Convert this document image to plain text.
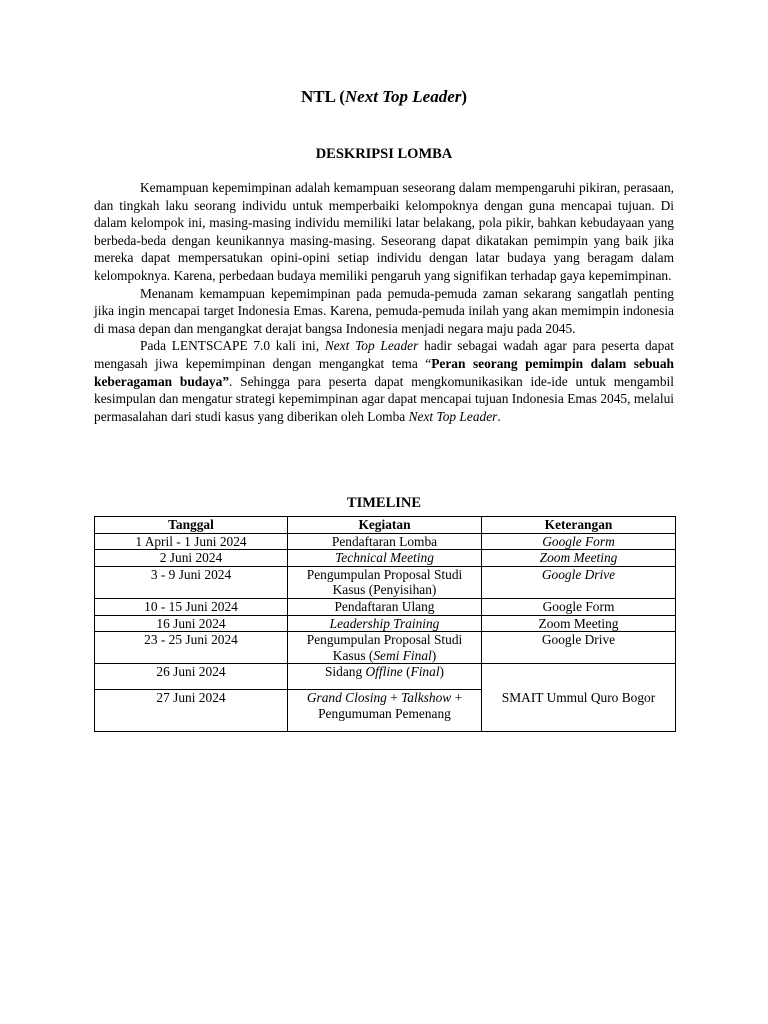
NTL (Next Top Leader)
DESKRIPSI LOMBA

Kemampuan kepemimpinan adalah kemampuan seseorang dalam mempengaruhi pikiran, perasaan, dan tingkah laku seorang individu untuk memperbaiki kelompoknya dengan guna mencapai tujuan. Di dalam kelompok ini, masing-masing individu memiliki latar belakang, pola pikir, bahkan kebudayaan yang berbeda-beda dengan keunikannya masing-masing. Seseorang dapat dikatakan pemimpin yang baik jika mereka dapat mempersatukan opini-opini setiap individu dengan latar budaya yang beragam dalam kelompoknya. Karena, perbedaan budaya memiliki pengaruh yang signifikan terhadap gaya kepemimpinan.

Menanam kemampuan kepemimpinan pada pemuda-pemuda zaman sekarang sangatlah penting jika ingin mencapai target Indonesia Emas. Karena, pemuda-pemuda inilah yang akan memimpin indonesia di masa depan dan mengangkat derajat bangsa Indonesia menjadi negara maju pada 2045.

Pada LENTSCAPE 7.0 kali ini, Next Top Leader hadir sebagai wadah agar para peserta dapat mengasah jiwa kepemimpinan dengan mengangkat tema “Peran seorang pemimpin dalam sebuah keberagaman budaya”. Sehingga para peserta dapat mengkomunikasikan ide-ide untuk mengambil kesimpulan dan mengatur strategi kepemimpinan agar dapat mencapai tujuan Indonesia Emas 2045, melalui permasalahan dari studi kasus yang diberikan oleh Lomba Next Top Leader.

TIMELINE
Tanggal	Kegiatan	Keterangan
1 April - 1 Juni 2024	Pendaftaran Lomba	Google Form
2 Juni 2024	Technical Meeting	Zoom Meeting
3 - 9 Juni 2024	Pengumpulan Proposal Studi Kasus (Penyisihan)	Google Drive
10 - 15 Juni 2024	Pendaftaran Ulang	Google Form
16 Juni 2024	Leadership Training	Zoom Meeting
23 - 25 Juni 2024	Pengumpulan Proposal Studi Kasus (Semi Final)	Google Drive
26 Juni 2024	Sidang Offline (Final)	SMAIT Ummul Quro Bogor
27 Juni 2024	Grand Closing + Talkshow + Pengumuman Pemenang	
